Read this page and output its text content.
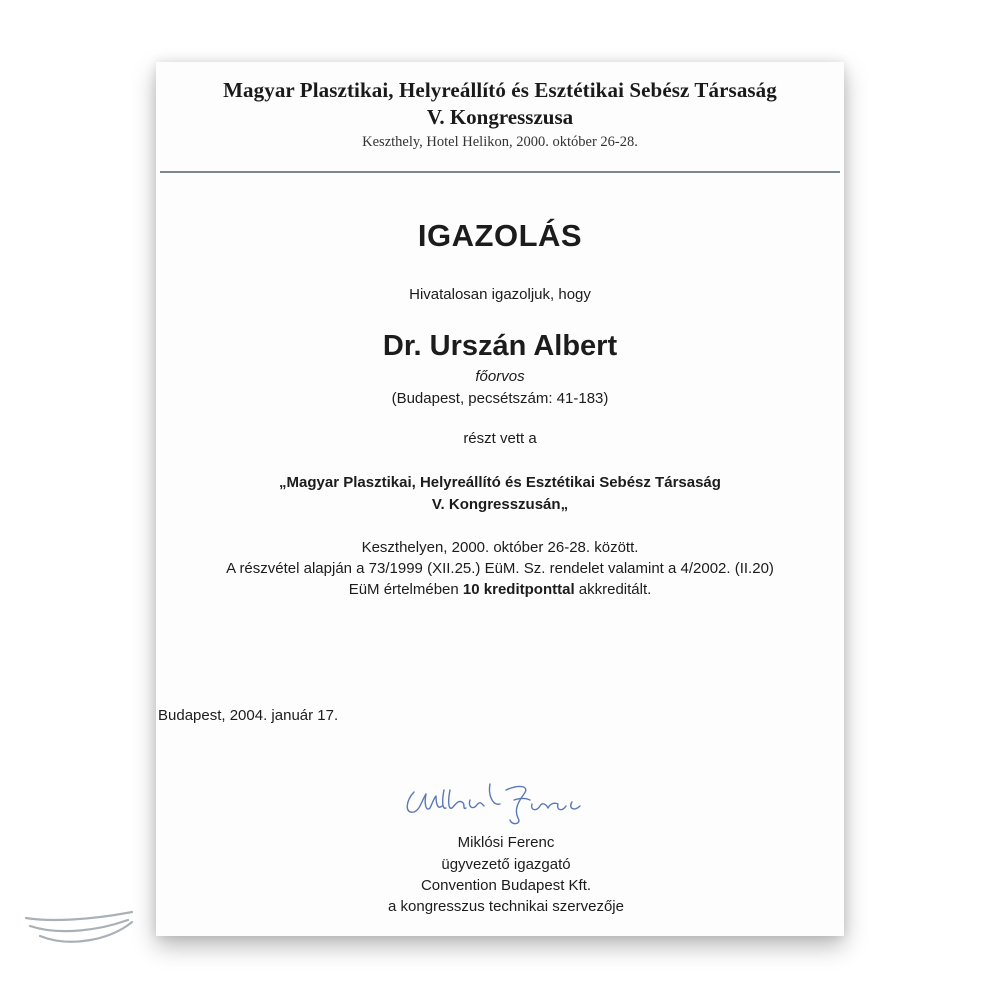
Magyar Plasztikai, Helyreállító és Esztétikai Sebész Társaság
V. Kongresszusa
Keszthely, Hotel Helikon, 2000. október 26-28.
IGAZOLÁS
Hivatalosan igazoljuk, hogy
Dr. Urszán Albert
főorvos
(Budapest, pecsétszám: 41-183)
részt vett a
„Magyar Plasztikai, Helyreállító és Esztétikai Sebész Társaság
V. Kongresszusán„
Keszthelyen, 2000. október 26-28. között.
A részvétel alapján a 73/1999 (XII.25.) EüM. Sz. rendelet valamint a 4/2002. (II.20)
EüM értelmében 10 kreditponttal akkreditált.
Budapest, 2004. január 17.
Miklósi Ferenc
ügyvezető igazgató
Convention Budapest Kft.
a kongresszus technikai szervezője
